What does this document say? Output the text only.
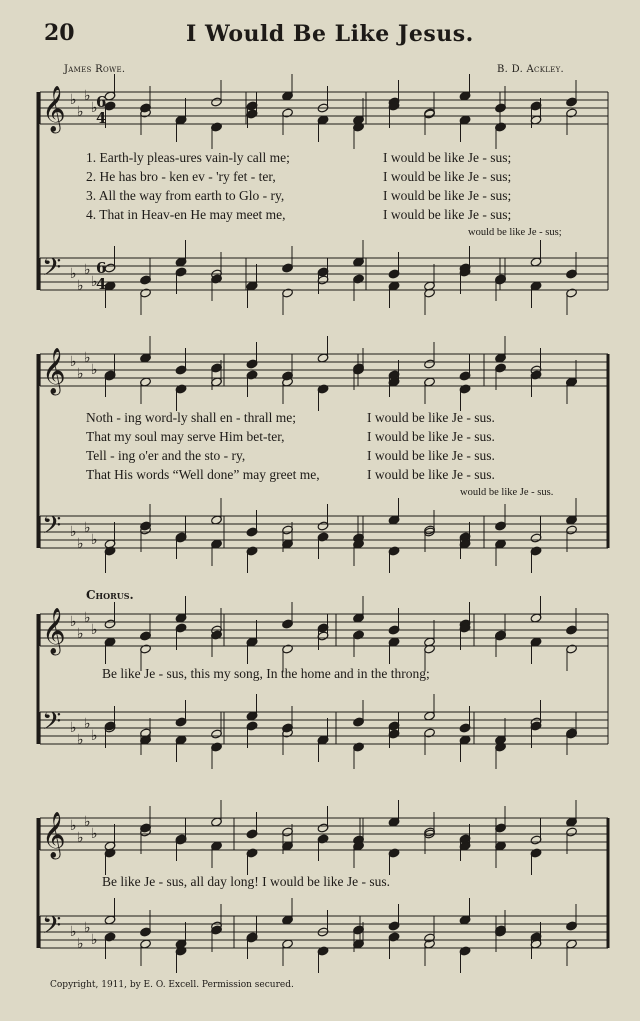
20	I Would Be Like Jesus.
James Rowe.	B. D. Ackley.
𝄞 ♭
♭
♭
♭
𝄢 ♭
♭
♭
♭
𝄞 ♭
♭
♭
♭
𝄢 ♭
♭
♭
♭
𝄞 ♭
♭
♭
♭
𝄢 ♭
♭
♭
♭
𝄞 ♭
♭
♭
♭
𝄢 ♭
♭
♭
♭
6
4
6
4
1. Earth-ly pleas-ures vain-ly call me;
2. He has bro - ken ev - 'ry fet - ter,
3. All the way from earth to Glo - ry,
4. That in Heav-en He may meet me,
I would be like Je - sus;
I would be like Je - sus;
I would be like Je - sus;
I would be like Je - sus;
would be like Je - sus;
Noth - ing word-ly shall en - thrall me;
That my soul may serve Him bet-ter,
Tell - ing o'er and the sto - ry,
That His words “Well done” may greet me,
I would be like Je - sus.
I would be like Je - sus.
I would be like Je - sus.
I would be like Je - sus.
would be like Je - sus.
Chorus.
Be like Je - sus, this my song, In the home and in the throng;
Be like Je - sus, all day long! I would be like Je - sus.
Copyright, 1911, by E. O. Excell. Permission secured.
